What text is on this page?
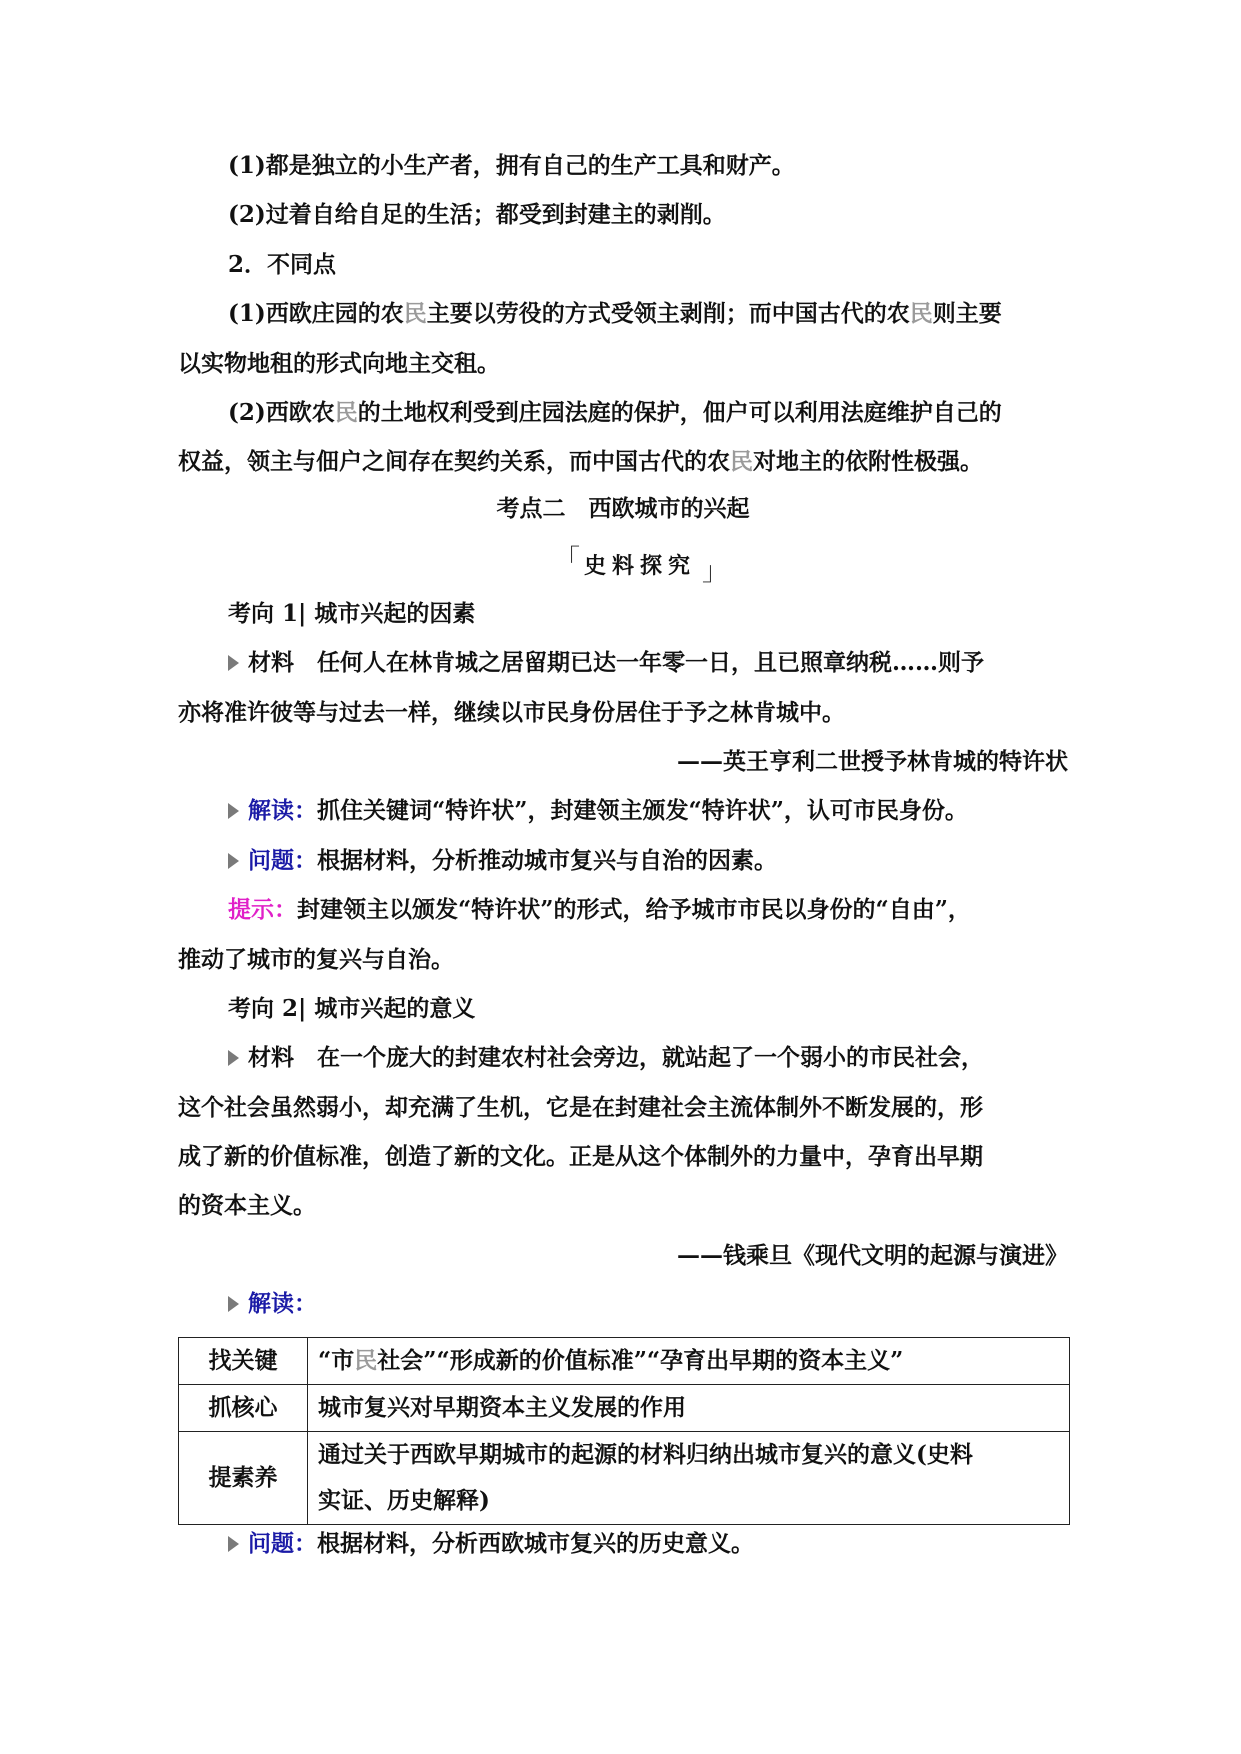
(1)都是独立的小生产者，拥有自己的生产工具和财产。
(2)过着自给自足的生活；都受到封建主的剥削。
2．不同点
(1)西欧庄园的农民主要以劳役的方式受领主剥削；而中国古代的农民则主要
以实物地租的形式向地主交租。
(2)西欧农民的土地权利受到庄园法庭的保护，佃户可以利用法庭维护自己的
权益，领主与佃户之间存在契约关系，而中国古代的农民对地主的依附性极强。
考点二　西欧城市的兴起
「
史料探究 」
考向 1| 城市兴起的因素
材料　任何人在林肯城之居留期已达一年零一日，且已照章纳税……则予
亦将准许彼等与过去一样，继续以市民身份居住于予之林肯城中。
——英王亨利二世授予林肯城的特许状
解读：抓住关键词“特许状”，封建领主颁发“特许状”，认可市民身份。
问题：根据材料，分析推动城市复兴与自治的因素。
提示：封建领主以颁发“特许状”的形式，给予城市市民以身份的“自由”，
推动了城市的复兴与自治。
考向 2| 城市兴起的意义
材料　在一个庞大的封建农村社会旁边，就站起了一个弱小的市民社会，
这个社会虽然弱小，却充满了生机，它是在封建社会主流体制外不断发展的，形
成了新的价值标准，创造了新的文化。正是从这个体制外的力量中，孕育出早期
的资本主义。
——钱乘旦《现代文明的起源与演进》
解读：
找关键	“市民社会”“形成新的价值标准”“孕育出早期的资本主义”
抓核心	城市复兴对早期资本主义发展的作用
提素养	通过关于西欧早期城市的起源的材料归纳出城市复兴的意义(史料
实证、历史解释)
问题：根据材料，分析西欧城市复兴的历史意义。
